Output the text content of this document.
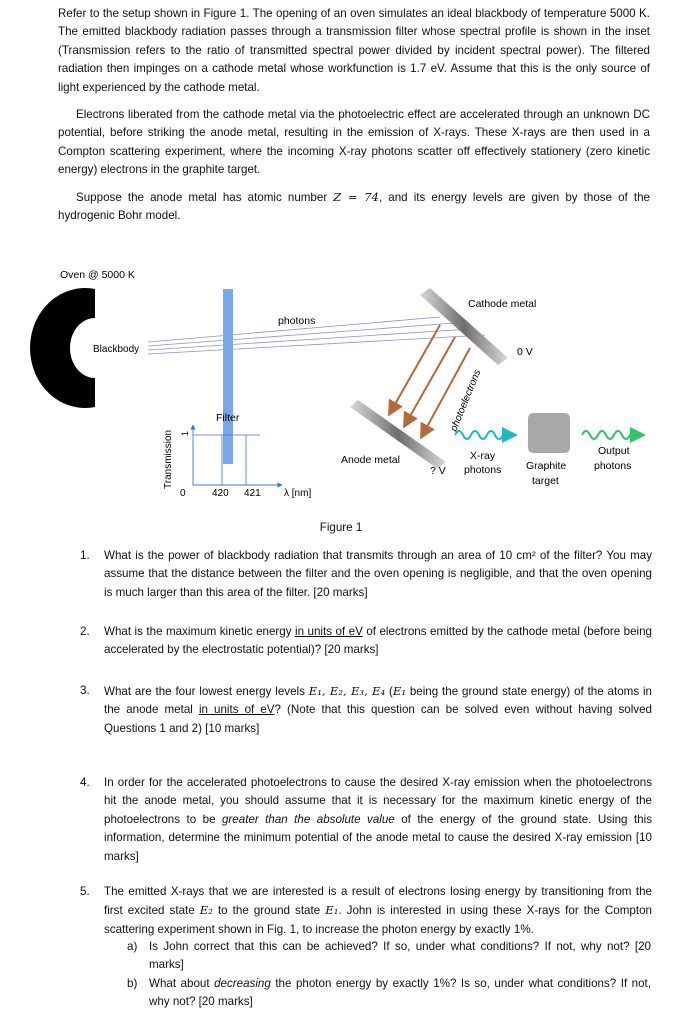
Refer to the setup shown in Figure 1. The opening of an oven simulates an ideal blackbody of temperature 5000 K. The emitted blackbody radiation passes through a transmission filter whose spectral profile is shown in the inset (Transmission refers to the ratio of transmitted spectral power divided by incident spectral power). The filtered radiation then impinges on a cathode metal whose workfunction is 1.7 eV. Assume that this is the only source of light experienced by the cathode metal.

Electrons liberated from the cathode metal via the photoelectric effect are accelerated through an unknown DC potential, before striking the anode metal, resulting in the emission of X-rays. These X-rays are then used in a Compton scattering experiment, where the incoming X-ray photons scatter off effectively stationery (zero kinetic energy) electrons in the graphite target.

Suppose the anode metal has atomic number Z = 74, and its energy levels are given by those of the hydrogenic Bohr model.

Oven @ 5000 K
Blackbody
photons
Filter
Cathode metal
0 V
Anode metal
? V
photoelectrons
X-ray
photons Graphite
target
Output
photons
Transmission 1
0	420 421 λ [nm]
Figure 1
1. What is the power of blackbody radiation that transmits through an area of 10 cm² of the filter? You may assume that the distance between the filter and the oven opening is negligible, and that the oven opening is much larger than this area of the filter. [20 marks]
2. What is the maximum kinetic energy in units of eV of electrons emitted by the cathode metal (before being accelerated by the electrostatic potential)? [20 marks]
3. What are the four lowest energy levels E₁, E₂, E₃, E₄ (E₁ being the ground state energy) of the atoms in the anode metal in units of eV? (Note that this question can be solved even without having solved Questions 1 and 2) [10 marks]
4. In order for the accelerated photoelectrons to cause the desired X-ray emission when the photoelectrons hit the anode metal, you should assume that it is necessary for the maximum kinetic energy of the photoelectrons to be greater than the absolute value of the energy of the ground state. Using this information, determine the minimum potential of the anode metal to cause the desired X-ray emission [10 marks]
5. The emitted X-rays that we are interested is a result of electrons losing energy by transitioning from the first excited state E₂ to the ground state E₁. John is interested in using these X-rays for the Compton scattering experiment shown in Fig. 1, to increase the photon energy by exactly 1%.
a) Is John correct that this can be achieved? If so, under what conditions? If not, why not? [20 marks]
b) What about decreasing the photon energy by exactly 1%? Is so, under what conditions? If not, why not? [20 marks]
